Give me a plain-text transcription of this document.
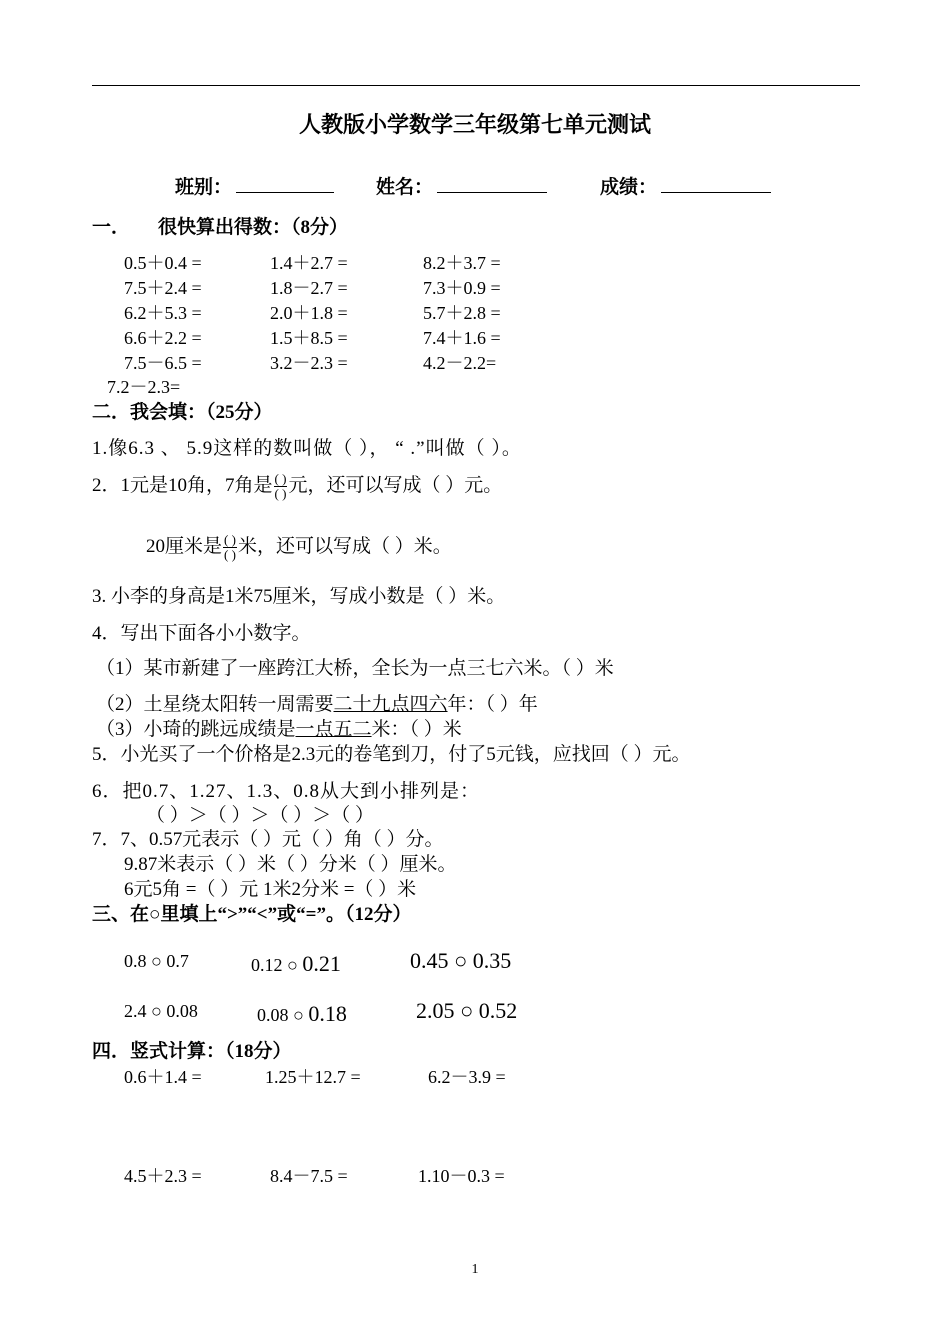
人教版小学数学三年级第七单元测试
班别：	姓名：	成绩：
一． 很快算出得数：（8分）
0.5＋0.4 =	1.4＋2.7 =	8.2＋3.7 =
7.5＋2.4 =	1.8－2.7 =	7.3＋0.9 =
6.2＋5.3 =	2.0＋1.8 =	5.7＋2.8 =
6.6＋2.2 =	1.5＋8.5 =	7.4＋1.6 =
7.5－6.5 =	3.2－2.3 =	4.2－2.2=
7.2－2.3=
二．我会填：（25分）
1.像6.3 、 5.9这样的数叫做（ ）， “ .”叫做（ ）。
2．1元是10角，7角是 $\frac{( )}{( )}$ 元，还可以写成（ ）元。
20厘米是 $\frac{( )}{( )}$ 米，还可以写成（ ）米。
3. 小李的身高是1米75厘米，写成小数是（ ）米。
4．写出下面各小小数字。
（1）某市新建了一座跨江大桥，全长为一点三七六米。（ ）米
（2）土星绕太阳转一周需要二十九点四六年：（ ）年
（3）小琦的跳远成绩是一点五二米：（ ）米
5．小光买了一个价格是2.3元的卷笔到刀，付了5元钱，应找回（ ）元。
6．把0.7、1.27、1.3、0.8从大到小排列是：
（ ）＞（ ）＞（ ）＞（ ）
7．7、0.57元表示（ ）元（ ）角（ ）分。
9.87米表示（ ）米（ ）分米（ ）厘米。
6元5角 =（ ）元 1米2分米 =（ ）米
三、在○里填上“>”“<”或“=”。（12分）
0.8 ○ 0.7	0.12 ○ 0.21	0.45 ○ 0.35
2.4 ○ 0.08	0.08 ○ 0.18	2.05 ○ 0.52
四．竖式计算：（18分）
0.6＋1.4 =	1.25＋12.7 =	6.2－3.9 =
4.5＋2.3 =	8.4－7.5 =	1.10－0.3 =
1
